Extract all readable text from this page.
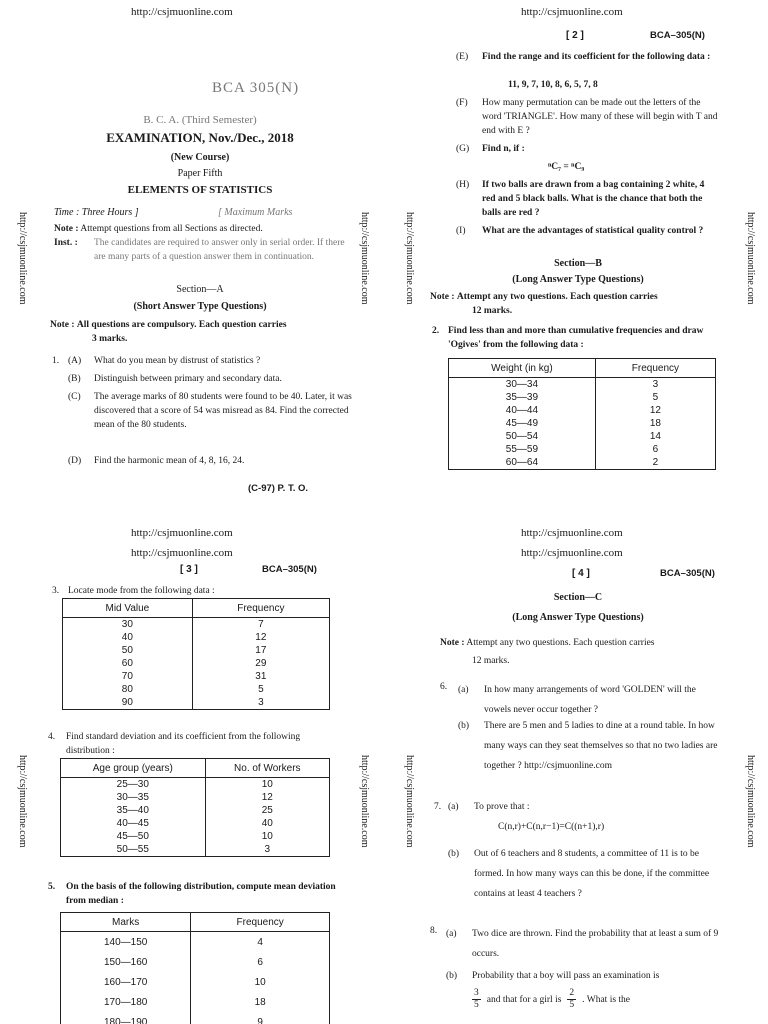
http://csjmuonline.com	http://csjmuonline.com
http://csjmuonline.com
http://csjmuonline.com
http://csjmuonline.com
http://csjmuonline.com
http://csjmuonline.com	http://csjmuonline.com	http://csjmuonline.com	http://csjmuonline.com
http://csjmuonline.com	http://csjmuonline.com	http://csjmuonline.com	http://csjmuonline.com
BCA 305(N)
B. C. A. (Third Semester)
EXAMINATION, Nov./Dec., 2018
(New Course)
Paper Fifth
ELEMENTS OF STATISTICS
Time : Three Hours ]	[ Maximum Marks
Note : Attempt questions from all Sections as directed.
Inst. :	The candidates are required to answer only in serial order. If there are many parts of a question answer them in continuation.
Section—A
(Short Answer Type Questions)
Note : All questions are compulsory. Each question carries
3 marks.
1. (A)	What do you mean by distrust of statistics ?
(B)	Distinguish between primary and secondary data.
(C)	The average marks of 80 students were found to be 40. Later, it was discovered that a score of 54 was misread as 84. Find the corrected mean of the 80 students.
(D)	Find the harmonic mean of 4, 8, 16, 24.
(C-97) P. T. O.
[ 2 ]	BCA–305(N)
(E)	Find the range and its coefficient for the following data :
11, 9, 7, 10, 8, 6, 5, 7, 8
(F)	How many permutation can be made out the letters of the word 'TRIANGLE'. How many of these will begin with T and end with E ?
(G)	Find n, if :
ⁿC₇ = ⁿC₉
(H)	If two balls are drawn from a bag containing 2 white, 4 red and 5 black balls. What is the chance that both the balls are red ?
(I)	What are the advantages of statistical quality control ?
Section—B
(Long Answer Type Questions)
Note : Attempt any two questions. Each question carries
12 marks.
2. Find less than and more than cumulative frequencies and draw 'Ogives' from the following data :
Weight (in kg)	Frequency
30—34	3
35—39	5
40—44	12
45—49	18
50—54	14
55—59	6
60—64	2
[ 3 ]	BCA–305(N)
3. Locate mode from the following data :
Mid Value	Frequency
30	7
40	12
50	17
60	29
70	31
80	5
90	3
4. Find standard deviation and its coefficient from the following distribution :
Age group (years)	No. of Workers
25—30	10
30—35	12
35—40	25
40—45	40
45—50	10
50—55	3
5. On the basis of the following distribution, compute mean deviation from median :
Marks	Frequency
140—150	4
150—160	6
160—170	10
170—180	18
180—190	9
[ 4 ]	BCA–305(N)
Section—C
(Long Answer Type Questions)
Note : Attempt any two questions. Each question carries
12 marks.
6. (a)	In how many arrangements of word 'GOLDEN' will the vowels never occur together ?
(b)	There are 5 men and 5 ladies to dine at a round table. In how many ways can they seat themselves so that no two ladies are together ? http://csjmuonline.com
7. (a)	To prove that :
C(n,r)+C(n,r−1)=C((n+1),r)
(b)	Out of 6 teachers and 8 students, a committee of 11 is to be formed. In how many ways can this be done, if the committee contains at least 4 teachers ?
8. (a)	Two dice are thrown. Find the probability that at least a sum of 9 occurs.
(b)	Probability that a boy will pass an examination is
3
5
and that for a girl is
2
5
. What is the
